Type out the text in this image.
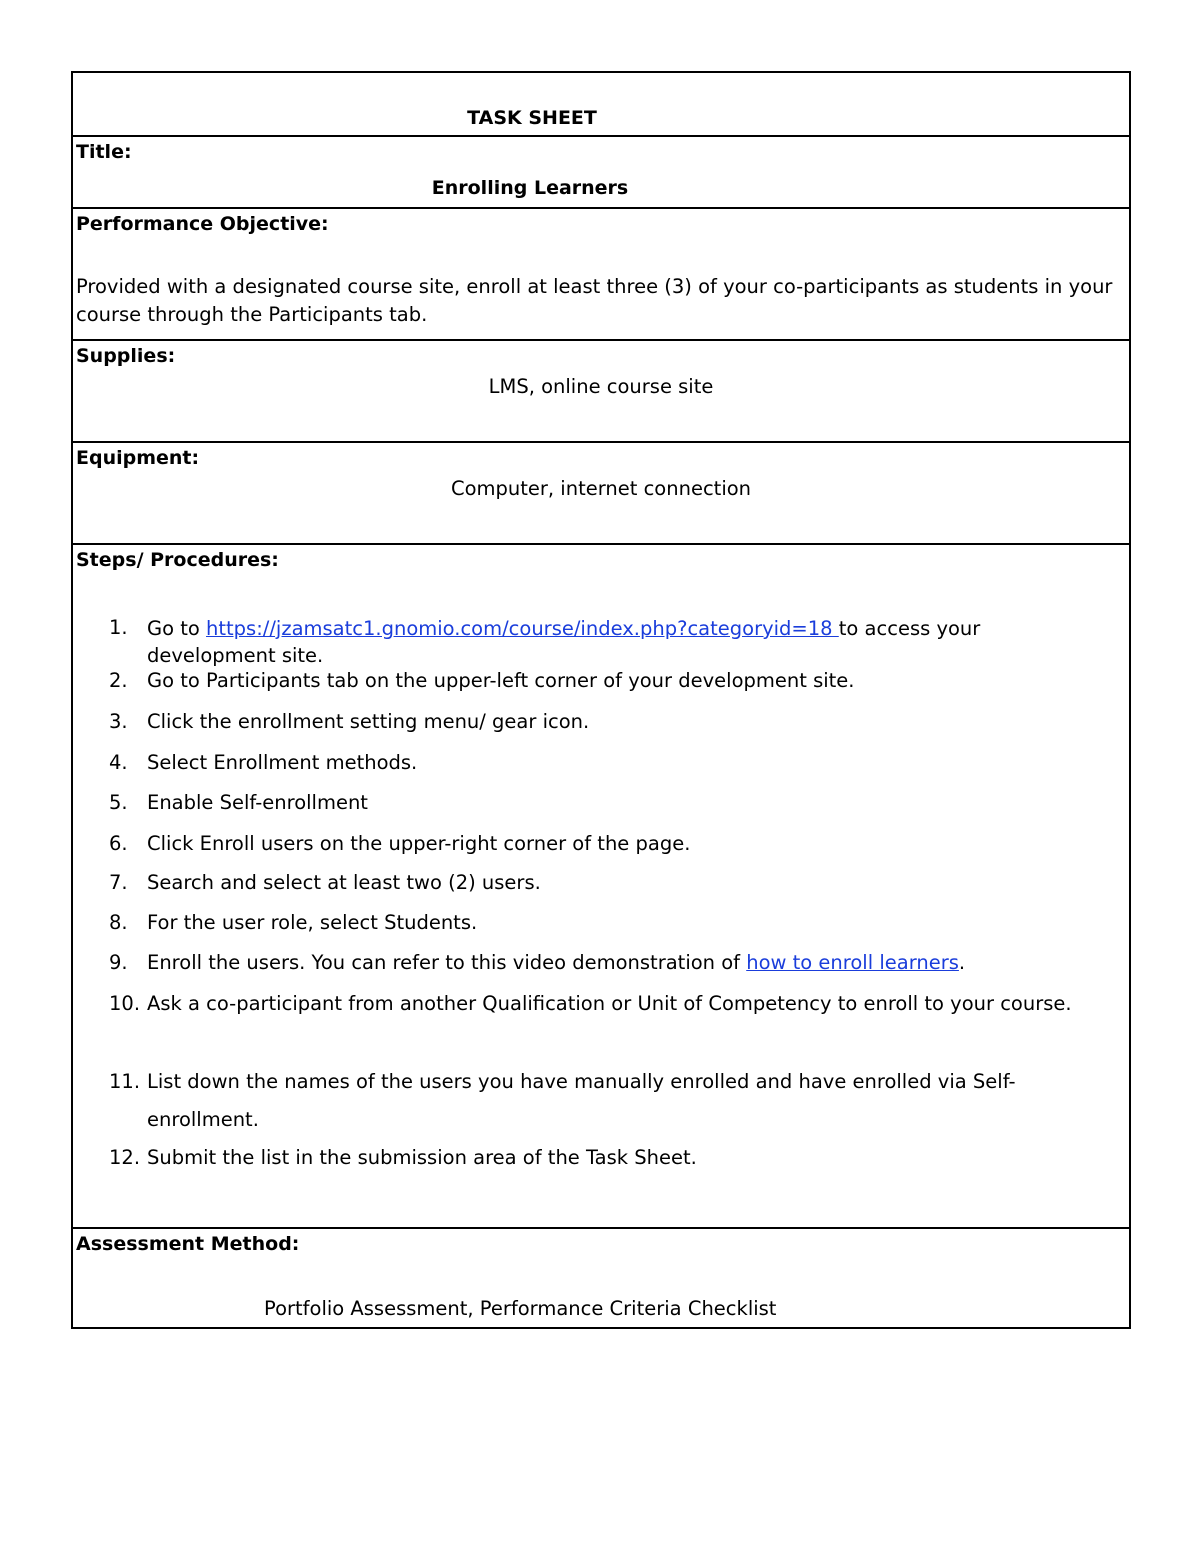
TASK SHEET
Title:
Enrolling Learners
Performance Objective:
Provided with a designated course site, enroll at least three (3) of your co-participants as students in your course through the Participants tab.
Supplies:
LMS, online course site
Equipment:
Computer, internet connection
Steps/ Procedures:
1. Go to https://jzamsatc1.gnomio.com/course/index.php?categoryid=18 to access your development site.
2. Go to Participants tab on the upper-left corner of your development site.
3. Click the enrollment setting menu/ gear icon.
4. Select Enrollment methods.
5. Enable Self-enrollment
6. Click Enroll users on the upper-right corner of the page.
7. Search and select at least two (2) users.
8. For the user role, select Students.
9. Enroll the users. You can refer to this video demonstration of how to enroll learners.
10. Ask a co-participant from another Qualification or Unit of Competency to enroll to your course.
11. List down the names of the users you have manually enrolled and have enrolled via Self-enrollment.
12. Submit the list in the submission area of the Task Sheet.
Assessment Method:
Portfolio Assessment, Performance Criteria Checklist
